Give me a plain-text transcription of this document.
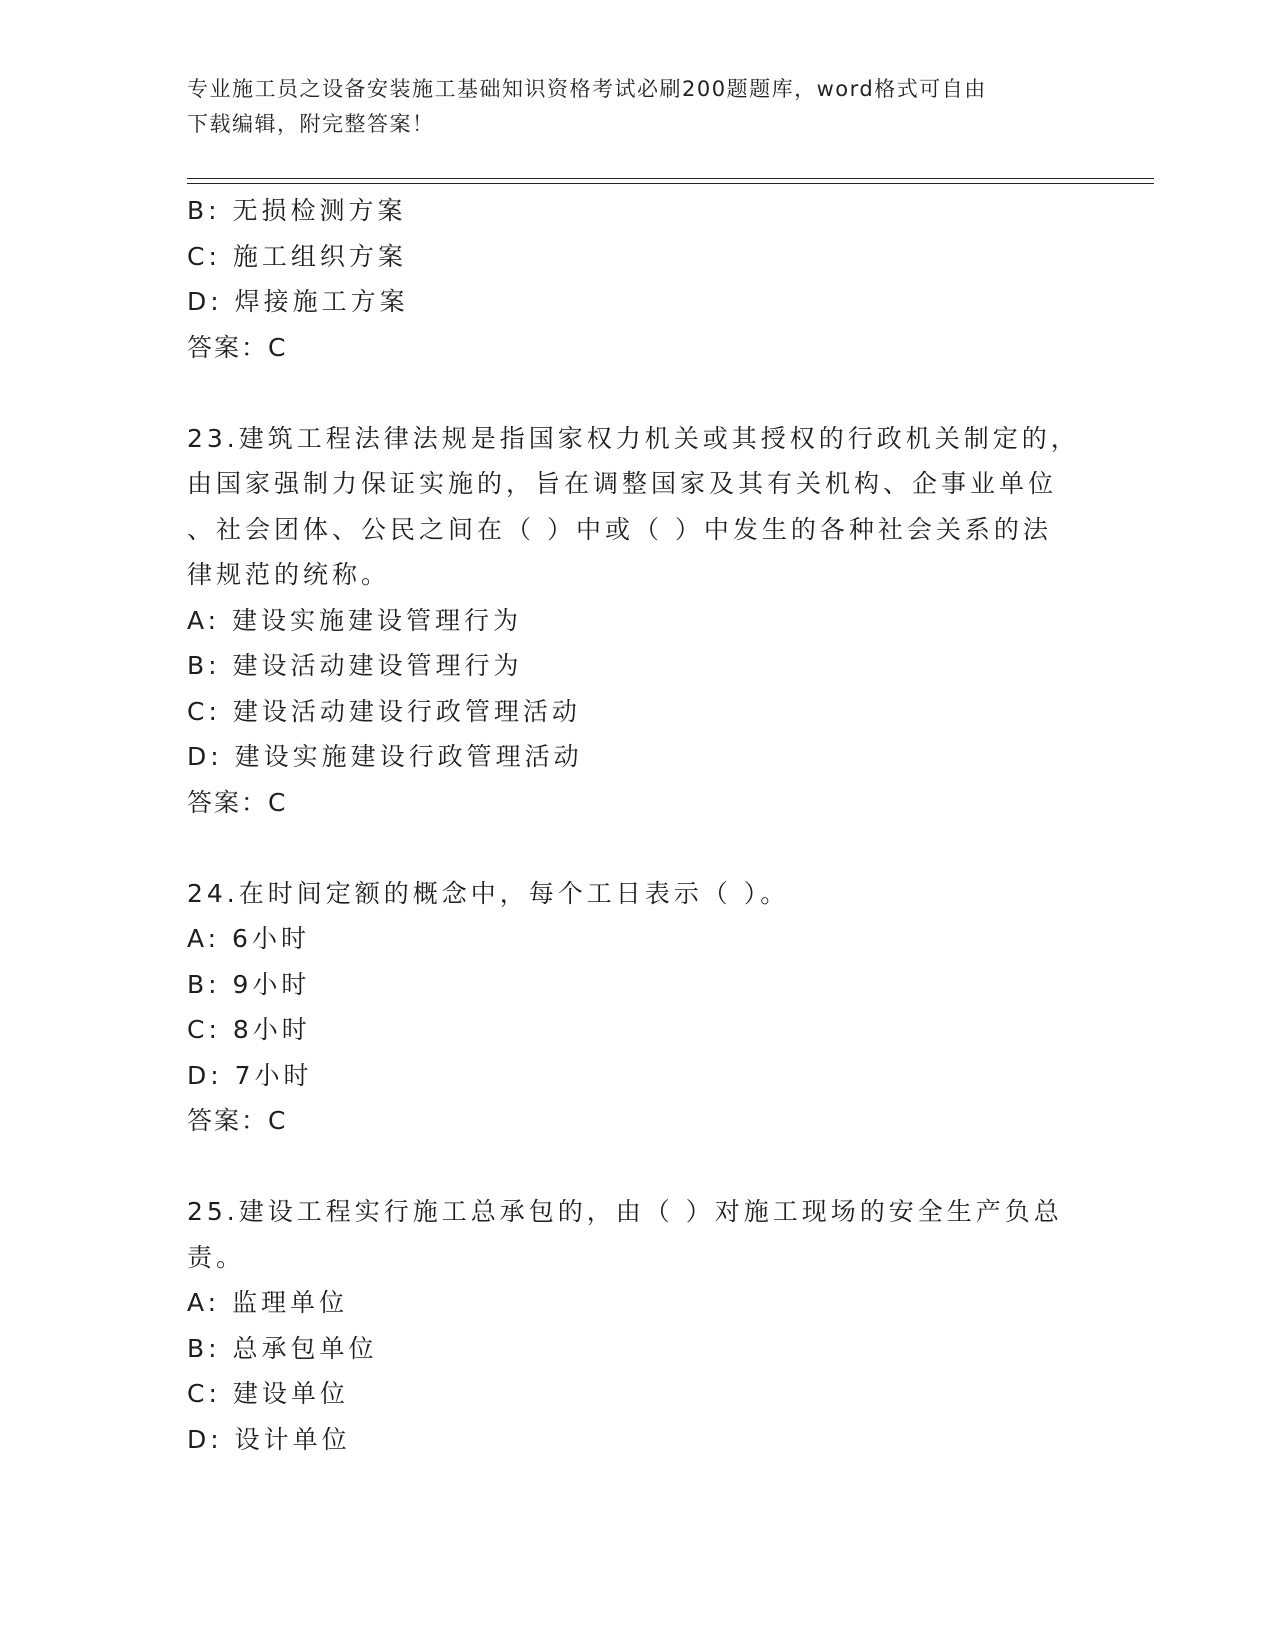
专业施工员之设备安装施工基础知识资格考试必刷200题题库，word格式可自由
下载编辑，附完整答案！
B: 无损检测方案
C: 施工组织方案
D: 焊接施工方案
答案：C
23.建筑工程法律法规是指国家权力机关或其授权的行政机关制定的，
由国家强制力保证实施的，旨在调整国家及其有关机构、企事业单位
、社会团体、公民之间在（ ）中或（ ）中发生的各种社会关系的法
律规范的统称。
A: 建设实施建设管理行为
B: 建设活动建设管理行为
C: 建设活动建设行政管理活动
D: 建设实施建设行政管理活动
答案：C
24.在时间定额的概念中，每个工日表示（ ）。
A: 6小时
B: 9小时
C: 8小时
D: 7小时
答案：C
25.建设工程实行施工总承包的，由（ ）对施工现场的安全生产负总
责。
A: 监理单位
B: 总承包单位
C: 建设单位
D: 设计单位
